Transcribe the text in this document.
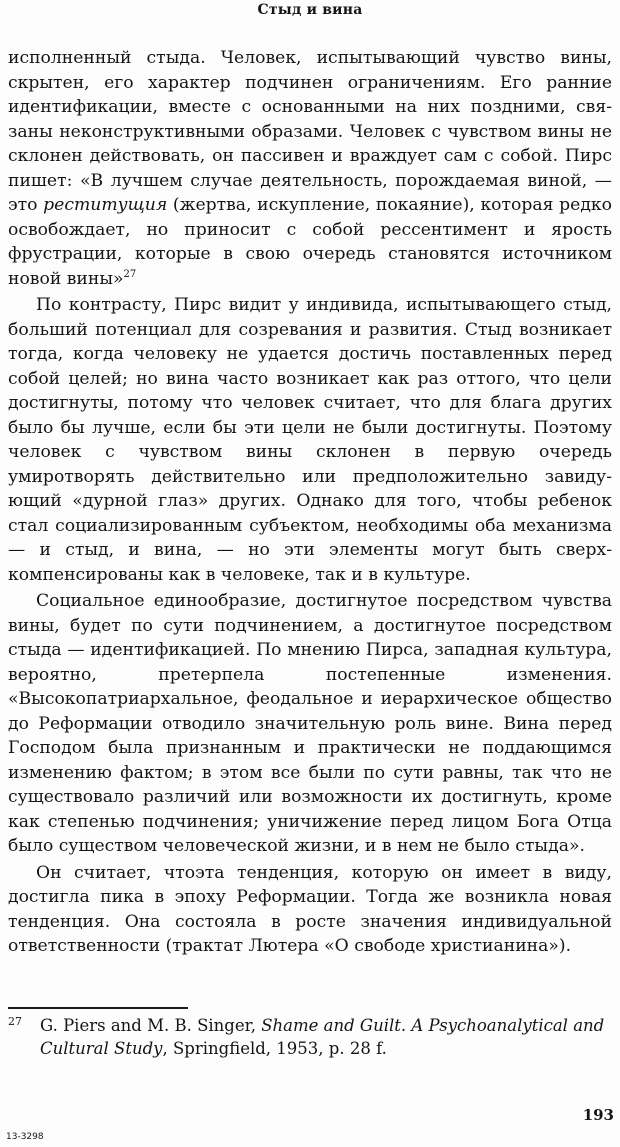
Стыд и вина

исполненный стыда. Человек, испытывающий чувство вины, скрытен, его характер подчинен ограничениям. Его ранние идентификации, вместе с основанными на них поздними, связаны неконструктивными образами. Человек с чувством вины не склонен действовать, он пассивен и враждует сам с собой. Пирс пишет: «В лучшем случае деятельность, порождаемая виной, — это реститущия (жертва, искупление, покаяние), которая редко освобождает, но приносит с собой рессентимент и ярость фрустрации, которые в свою очередь становятся источником новой вины»$^{27}$

По контрасту, Пирс видит у индивида, испытывающего стыд, больший потенциал для созревания и развития. Стыд возникает тогда, когда человеку не удается достичь поставленных перед собой целей; но вина часто возникает как раз оттого, что цели достигнуты, потому что человек считает, что для блага других было бы лучше, если бы эти цели не были достигнуты. Поэтому человек с чувством вины склонен в первую очередь умиротворять действительно или предположительно завидующий «дурной глаз» других. Однако для того, чтобы ребенок стал социализированным субъектом, необходимы оба механизма — и стыд, и вина, — но эти элементы могут быть сверхкомпенсированы как в человеке, так и в культуре.

Социальное единообразие, достигнутое посредством чувства вины, будет по сути подчинением, а достигнутое посредством стыда — идентификацией. По мнению Пирса, западная культура, вероятно, претерпела постепенные изменения. «Высокопатриархальное, феодальное и иерархическое общество до Реформации отводило значительную роль вине. Вина перед Господом была признанным и практически не поддающимся изменению фактом; в этом все были по сути равны, так что не существовало различий или возможности их достигнуть, кроме как степенью подчинения; уничижение перед лицом Бога Отца было существом человеческой жизни, и в нем не было стыда».

Он считает, чтоэта тенденция, которую он имеет в виду, достигла пика в эпоху Реформации. Тогда же возникла новая тенденция. Она состояла в росте значения индивидуальной ответственности (трактат Лютера «О свободе христианина»).

27 G. Piers and M. B. Singer, Shame and Guilt. A Psychoanalytical and Cultural Study, Springfield, 1953, p. 28 f.

193
13-3298
